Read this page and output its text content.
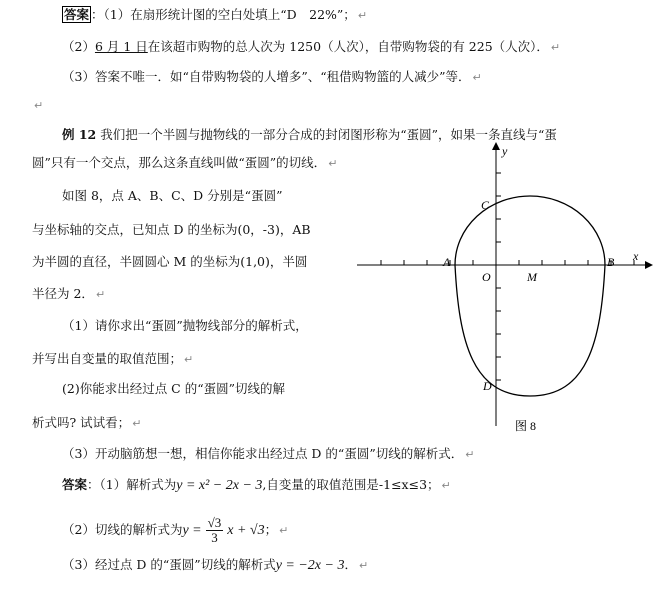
答案 ：（1）在扇形统计图的空白处填上“D　22%”； ↵
（2）6 月 1 日在该超市购物的总人次为 1250（人次），自带购物袋的有 225（人次）． ↵
（3）答案不唯一．如“自带购物袋的人增多”、“租借购物篮的人减少”等． ↵
↵
例 12 我们把一个半圆与抛物线的一部分合成的封闭图形称为“蛋圆”，如果一条直线与“蛋
圆”只有一个交点，那么这条直线叫做“蛋圆”的切线． ↵
如图 8，点 A、B、C、D 分别是“蛋圆”
与坐标轴的交点，已知点 D 的坐标为(0，-3)，AB
为半圆的直径，半圆圆心 M 的坐标为(1,0)，半圆
半径为 2． ↵
（1）请你求出“蛋圆”抛物线部分的解析式，
并写出自变量的取值范围； ↵
(2)你能求出经过点 C 的“蛋圆”切线的解
析式吗? 试试看； ↵
（3）开动脑筋想一想，相信你能求出经过点 D 的“蛋圆”切线的解析式． ↵
答案：（1）解析式为y = x² − 2x − 3,自变量的取值范围是-1≤x≤3； ↵
（2）切线的解析式为$y = \frac{√3}{3}$ x + √3； ↵
（3）经过点 D 的“蛋圆”切线的解析式y = −2x − 3． ↵
y
x
A	B
C
D
O	M
图 8
